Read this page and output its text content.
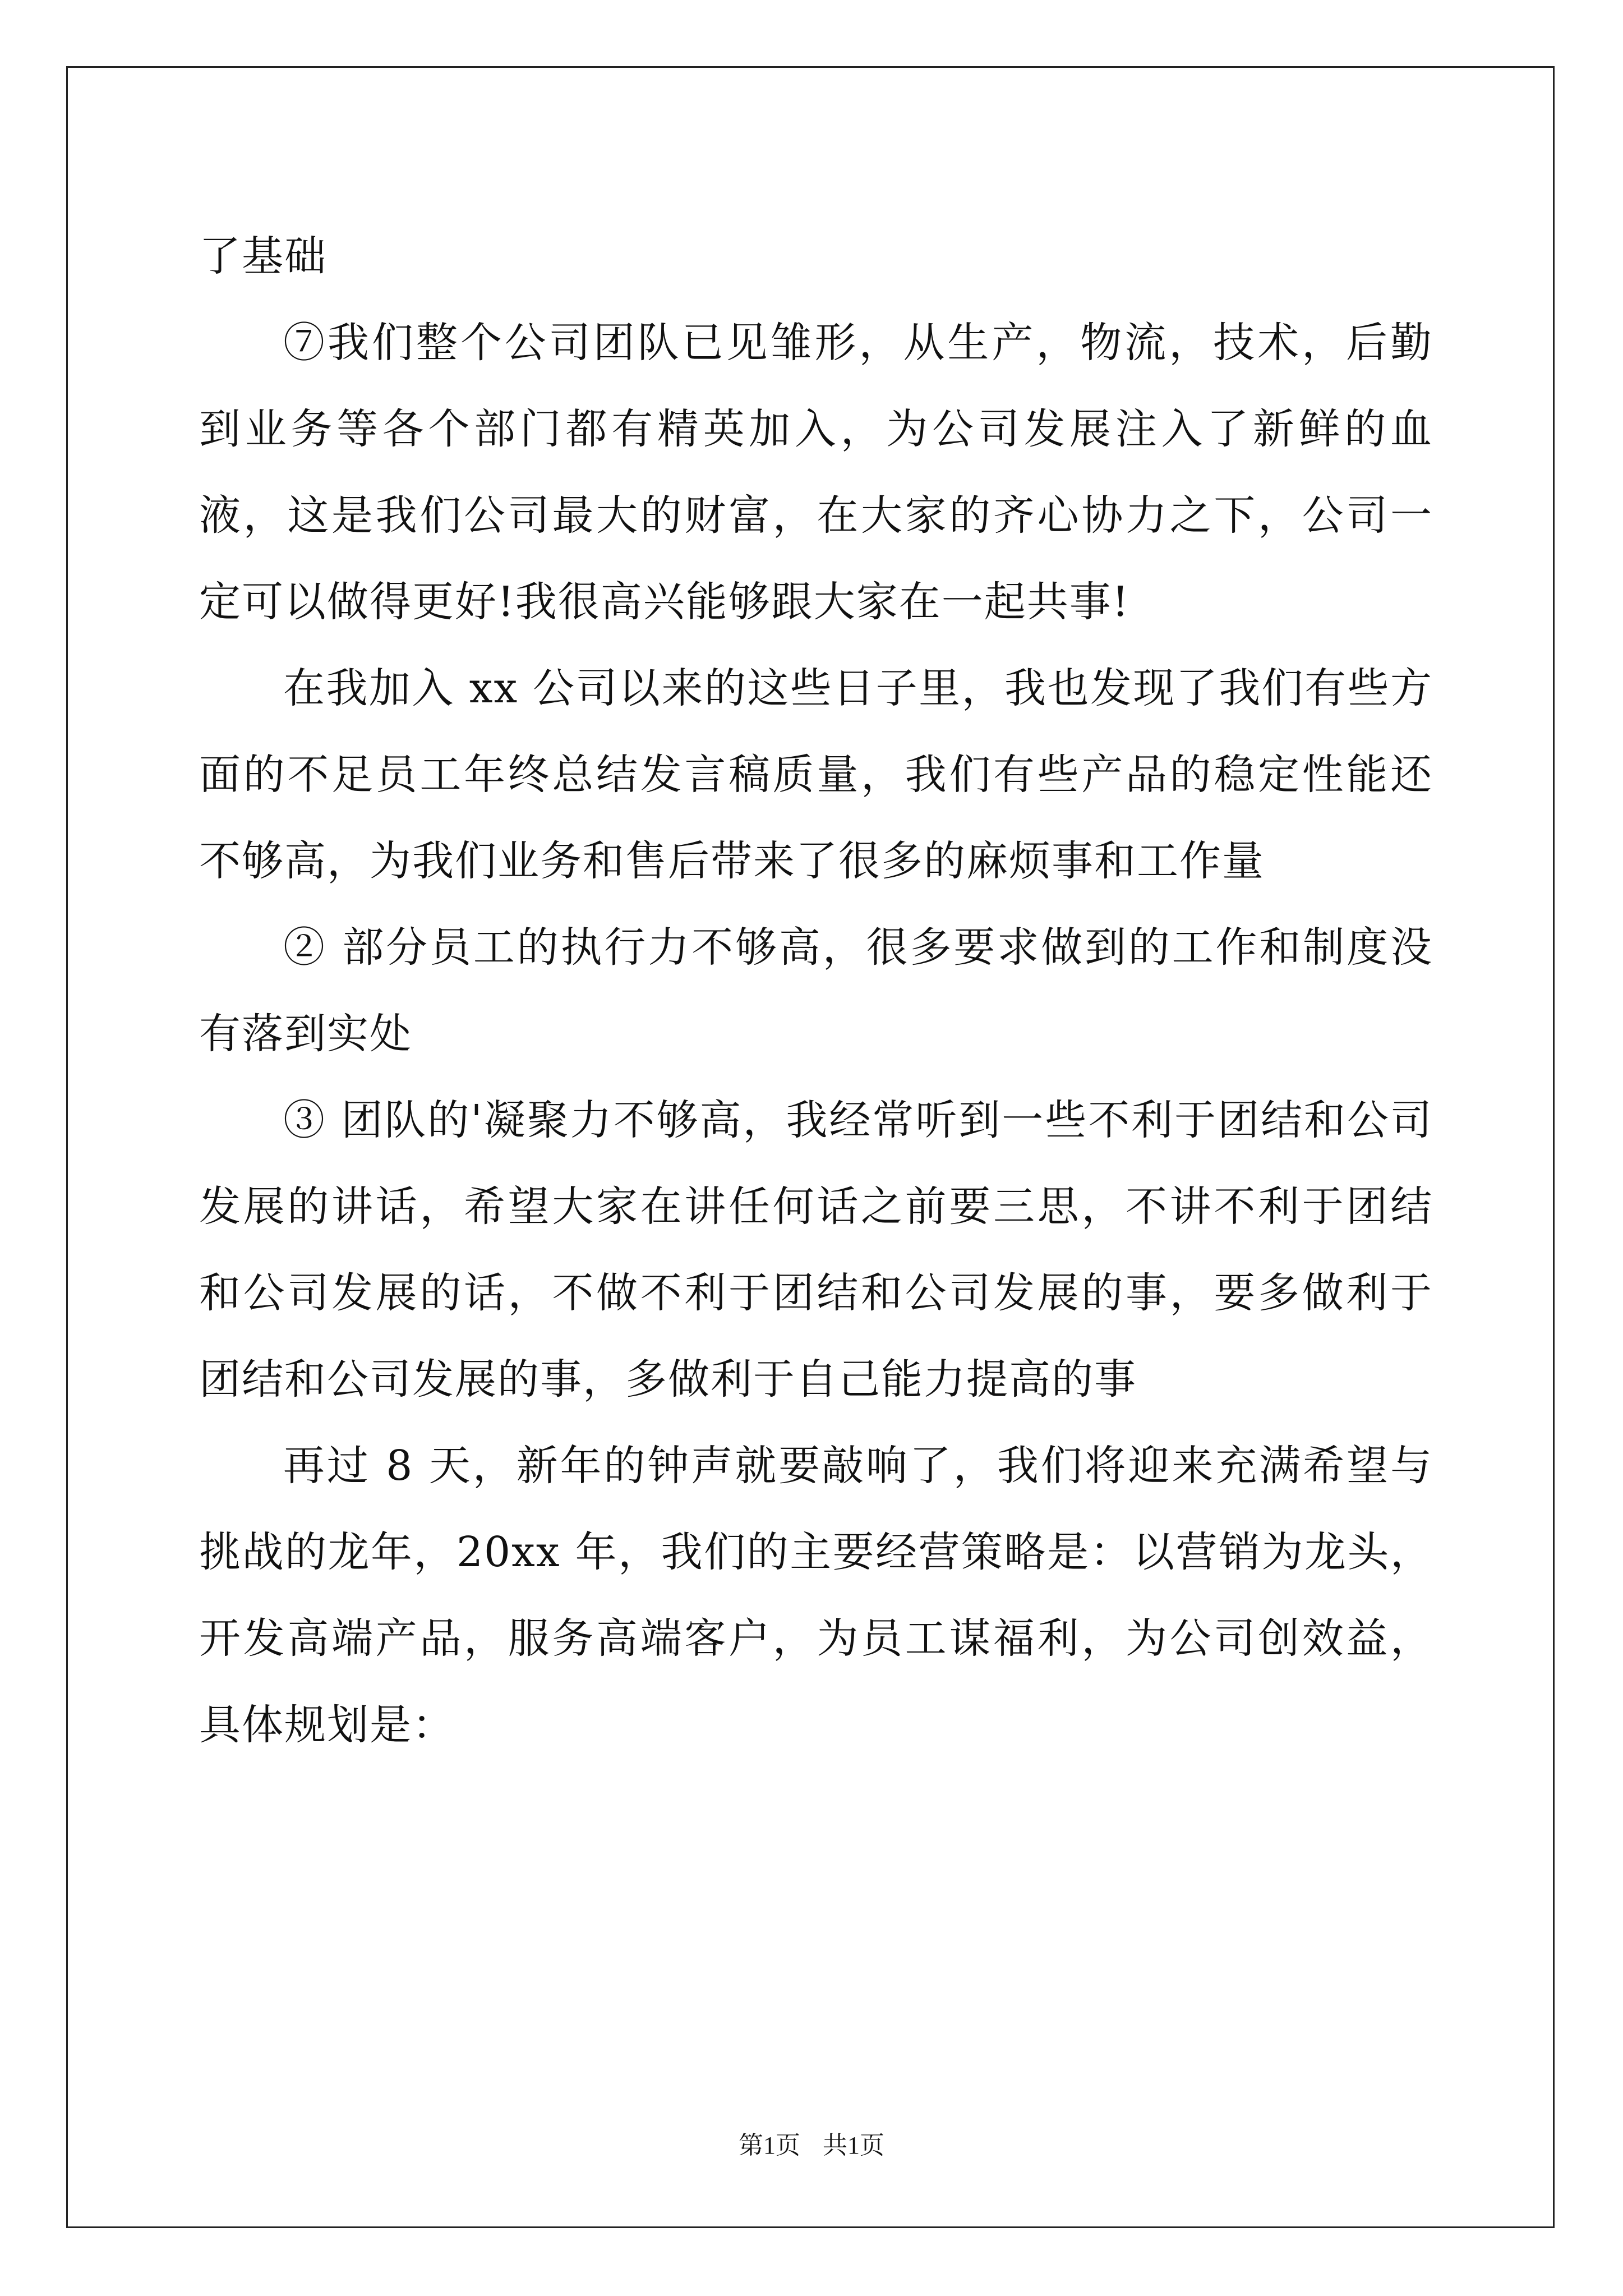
了基础

⑦我们整个公司团队已见雏形，从生产，物流，技术，后勤到业务等各个部门都有精英加入，为公司发展注入了新鲜的血液，这是我们公司最大的财富，在大家的齐心协力之下，公司一定可以做得更好!我很高兴能够跟大家在一起共事!

在我加入 xx 公司以来的这些日子里，我也发现了我们有些方面的不足员工年终总结发言稿质量，我们有些产品的稳定性能还不够高，为我们业务和售后带来了很多的麻烦事和工作量

② 部分员工的执行力不够高，很多要求做到的工作和制度没有落到实处

③ 团队的'凝聚力不够高，我经常听到一些不利于团结和公司发展的讲话，希望大家在讲任何话之前要三思，不讲不利于团结和公司发展的话，不做不利于团结和公司发展的事，要多做利于团结和公司发展的事，多做利于自己能力提高的事

再过 8 天，新年的钟声就要敲响了，我们将迎来充满希望与挑战的龙年，20xx 年，我们的主要经营策略是：以营销为龙头，开发高端产品，服务高端客户，为员工谋福利，为公司创效益，具体规划是：

第1页 共1页
